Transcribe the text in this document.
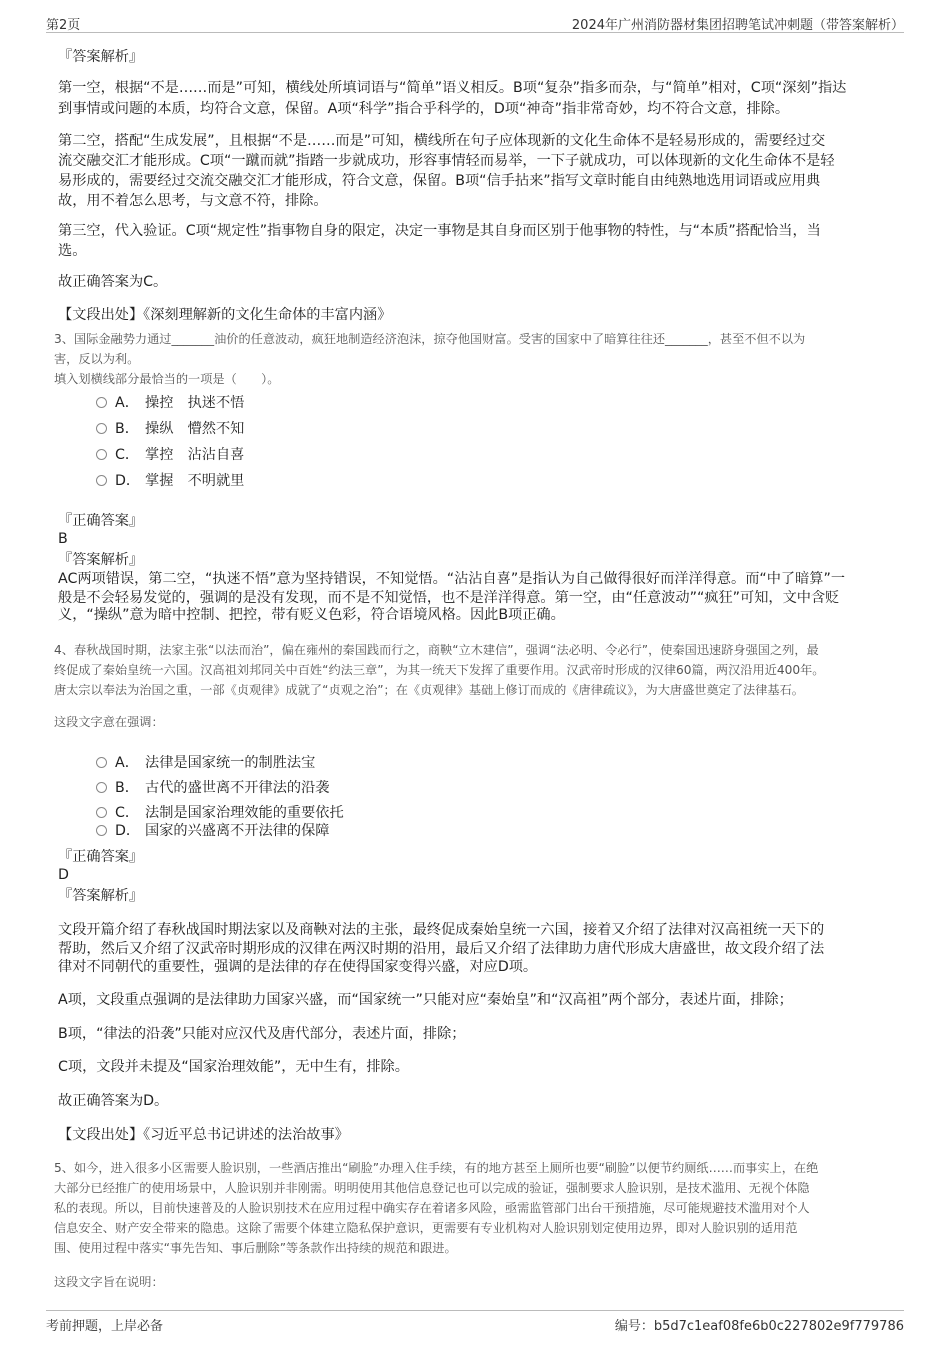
第2页	2024年广州消防器材集团招聘笔试冲刺题（带答案解析）

『答案解析』

第一空，根据“不是……而是”可知，横线处所填词语与“简单”语义相反。B项“复杂”指多而杂，与“简单”相对，C项“深刻”指达

到事情或问题的本质，均符合文意，保留。A项“科学”指合乎科学的，D项“神奇”指非常奇妙，均不符合文意，排除。

第二空，搭配“生成发展”，且根据“不是……而是”可知，横线所在句子应体现新的文化生命体不是轻易形成的，需要经过交

流交融交汇才能形成。C项“一蹴而就”指踏一步就成功，形容事情轻而易举，一下子就成功，可以体现新的文化生命体不是轻

易形成的，需要经过交流交融交汇才能形成，符合文意，保留。B项“信手拈来”指写文章时能自由纯熟地选用词语或应用典

故，用不着怎么思考，与文意不符，排除。

第三空，代入验证。C项“规定性”指事物自身的限定，决定一事物是其自身而区别于他事物的特性，与“本质”搭配恰当，当

选。

故正确答案为C。

【文段出处】《深刻理解新的文化生命体的丰富内涵》

3、国际金融势力通过_______油价的任意波动，疯狂地制造经济泡沫，掠夺他国财富。受害的国家中了暗算往往还_______，甚至不但不以为

害，反以为利。

填入划横线部分最恰当的一项是（　　）。

A． 操控　执迷不悟
B． 操纵　懵然不知
C． 掌控　沾沾自喜
D． 掌握　不明就里

『正确答案』

B

『答案解析』

AC两项错误，第二空，“执迷不悟”意为坚持错误，不知觉悟。“沾沾自喜”是指认为自己做得很好而洋洋得意。而“中了暗算”一

般是不会轻易发觉的，强调的是没有发现，而不是不知觉悟，也不是洋洋得意。第一空，由“任意波动”“疯狂”可知，文中含贬

义，“操纵”意为暗中控制、把控，带有贬义色彩，符合语境风格。因此B项正确。

4、春秋战国时期，法家主张“以法而治”，偏在雍州的秦国践而行之，商鞅“立木建信”，强调“法必明、令必行”，使秦国迅速跻身强国之列，最

终促成了秦始皇统一六国。汉高祖刘邦同关中百姓“约法三章”，为其一统天下发挥了重要作用。汉武帝时形成的汉律60篇，两汉沿用近400年。

唐太宗以奉法为治国之重，一部《贞观律》成就了“贞观之治”；在《贞观律》基础上修订而成的《唐律疏议》，为大唐盛世奠定了法律基石。

这段文字意在强调：

A． 法律是国家统一的制胜法宝
B． 古代的盛世离不开律法的沿袭
C． 法制是国家治理效能的重要依托
D． 国家的兴盛离不开法律的保障

『正确答案』

D

『答案解析』

文段开篇介绍了春秋战国时期法家以及商鞅对法的主张，最终促成秦始皇统一六国，接着又介绍了法律对汉高祖统一天下的

帮助，然后又介绍了汉武帝时期形成的汉律在两汉时期的沿用，最后又介绍了法律助力唐代形成大唐盛世，故文段介绍了法

律对不同朝代的重要性，强调的是法律的存在使得国家变得兴盛，对应D项。

A项，文段重点强调的是法律助力国家兴盛，而“国家统一”只能对应“秦始皇”和“汉高祖”两个部分，表述片面，排除；

B项，“律法的沿袭”只能对应汉代及唐代部分，表述片面，排除；

C项，文段并未提及“国家治理效能”，无中生有，排除。

故正确答案为D。

【文段出处】《习近平总书记讲述的法治故事》

5、如今，进入很多小区需要人脸识别，一些酒店推出“刷脸”办理入住手续，有的地方甚至上厕所也要“刷脸”以便节约厕纸……而事实上，在绝

大部分已经推广的使用场景中，人脸识别并非刚需。明明使用其他信息登记也可以完成的验证，强制要求人脸识别，是技术滥用、无视个体隐

私的表现。所以，目前快速普及的人脸识别技术在应用过程中确实存在着诸多风险，亟需监管部门出台干预措施，尽可能规避技术滥用对个人

信息安全、财产安全带来的隐患。这除了需要个体建立隐私保护意识，更需要有专业机构对人脸识别划定使用边界，即对人脸识别的适用范

围、使用过程中落实“事先告知、事后删除”等条款作出持续的规范和跟进。

这段文字旨在说明：

考前押题，上岸必备	编号：b5d7c1eaf08fe6b0c227802e9f779786
